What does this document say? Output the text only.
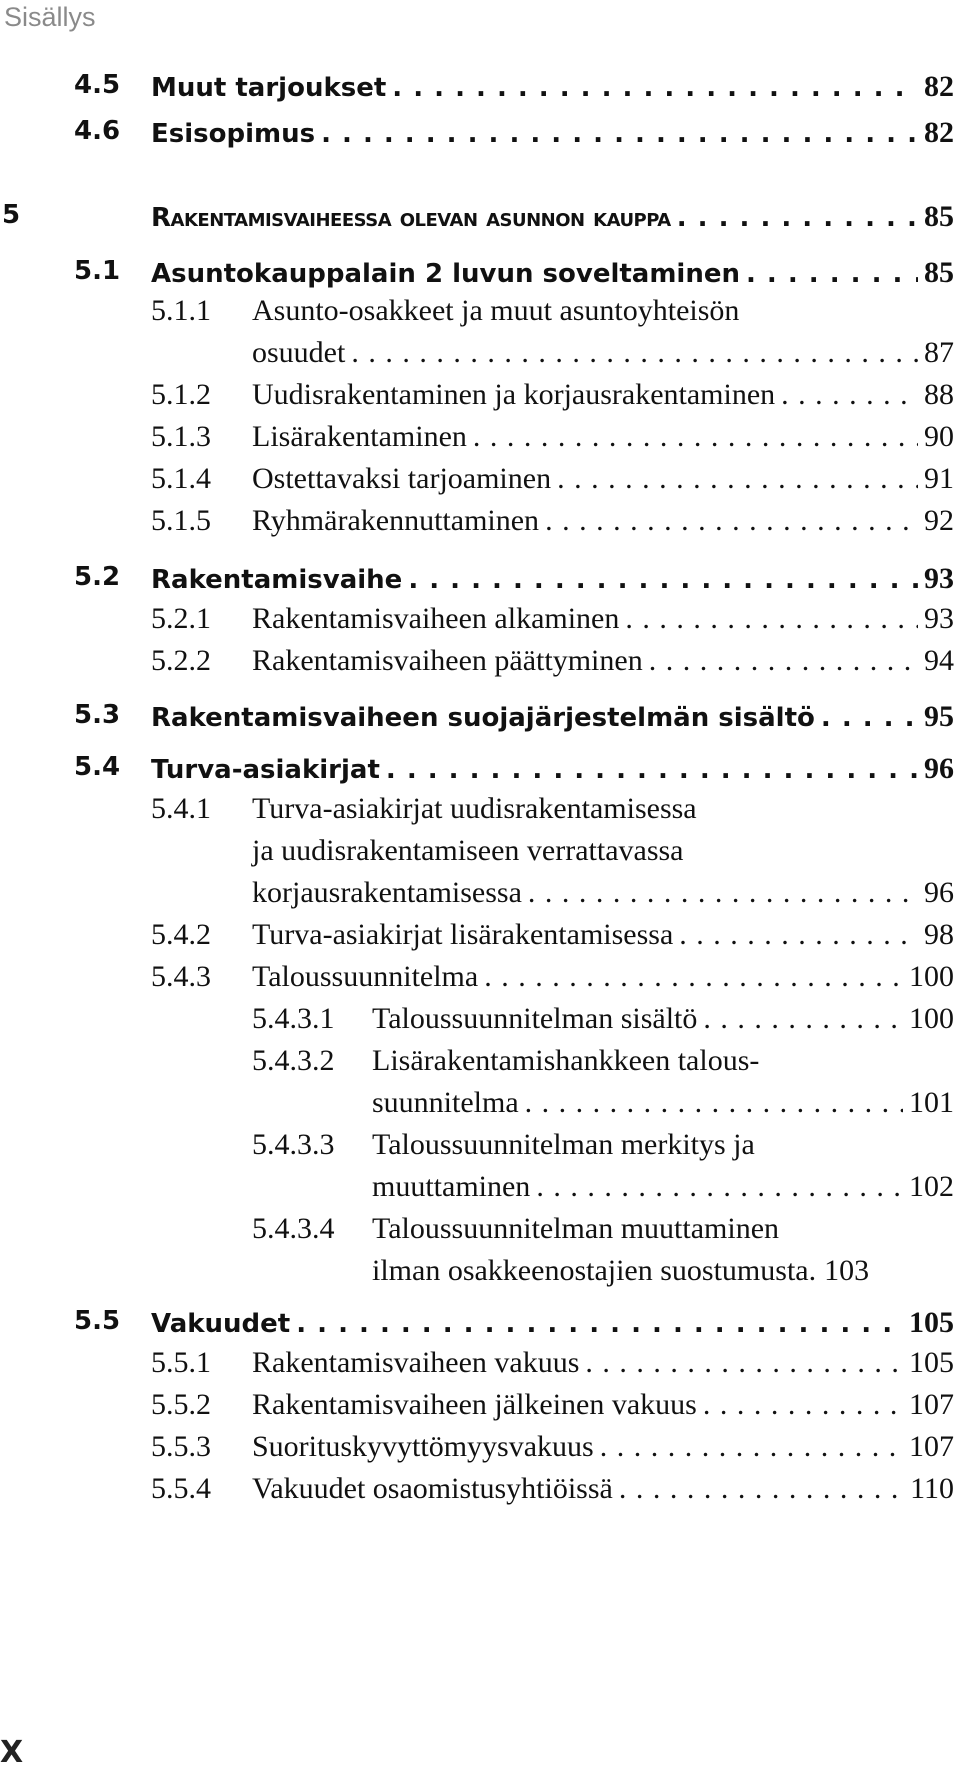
Sisällys
4.5 Muut tarjoukset . . .	82
4.6 Esisopimus . . .	82
5	Rakentamisvaiheessa olevan asunnon kauppa . . .	85
5.1 Asuntokauppalain 2 luvun soveltaminen . . .	85
5.1.1 Asunto-osakkeet ja muut asuntoyhteisön
osuudet . . .	87
5.1.2 Uudisrakentaminen ja korjausrakentaminen . . .	88
5.1.3 Lisärakentaminen . . .	90
5.1.4 Ostettavaksi tarjoaminen . . .	91
5.1.5 Ryhmärakennuttaminen . . .	92
5.2 Rakentamisvaihe . . .	93
5.2.1 Rakentamisvaiheen alkaminen . . .	93
5.2.2 Rakentamisvaiheen päättyminen . . .	94
5.3 Rakentamisvaiheen suojajärjestelmän sisältö . . .	95
5.4 Turva-asiakirjat . . .	96
5.4.1 Turva-asiakirjat uudisrakentamisessa
ja uudisrakentamiseen verrattavassa
korjausrakentamisessa . . .	96
5.4.2 Turva-asiakirjat lisärakentamisessa . . .	98
5.4.3 Taloussuunnitelma . . .	100
5.4.3.1 Taloussuunnitelman sisältö . . .	100
5.4.3.2 Lisärakentamishankkeen talous-
suunnitelma . . .	101
5.4.3.3 Taloussuunnitelman merkitys ja
muuttaminen . . .	102
5.4.3.4 Taloussuunnitelman muuttaminen
ilman osakkeenostajien suostumusta. 103
5.5 Vakuudet . . .	105
5.5.1 Rakentamisvaiheen vakuus . . .	105
5.5.2 Rakentamisvaiheen jälkeinen vakuus . . .	107
5.5.3 Suorituskyvyttömyysvakuus . . .	107
5.5.4 Vakuudet osaomistusyhtiöissä . . .	110
X
